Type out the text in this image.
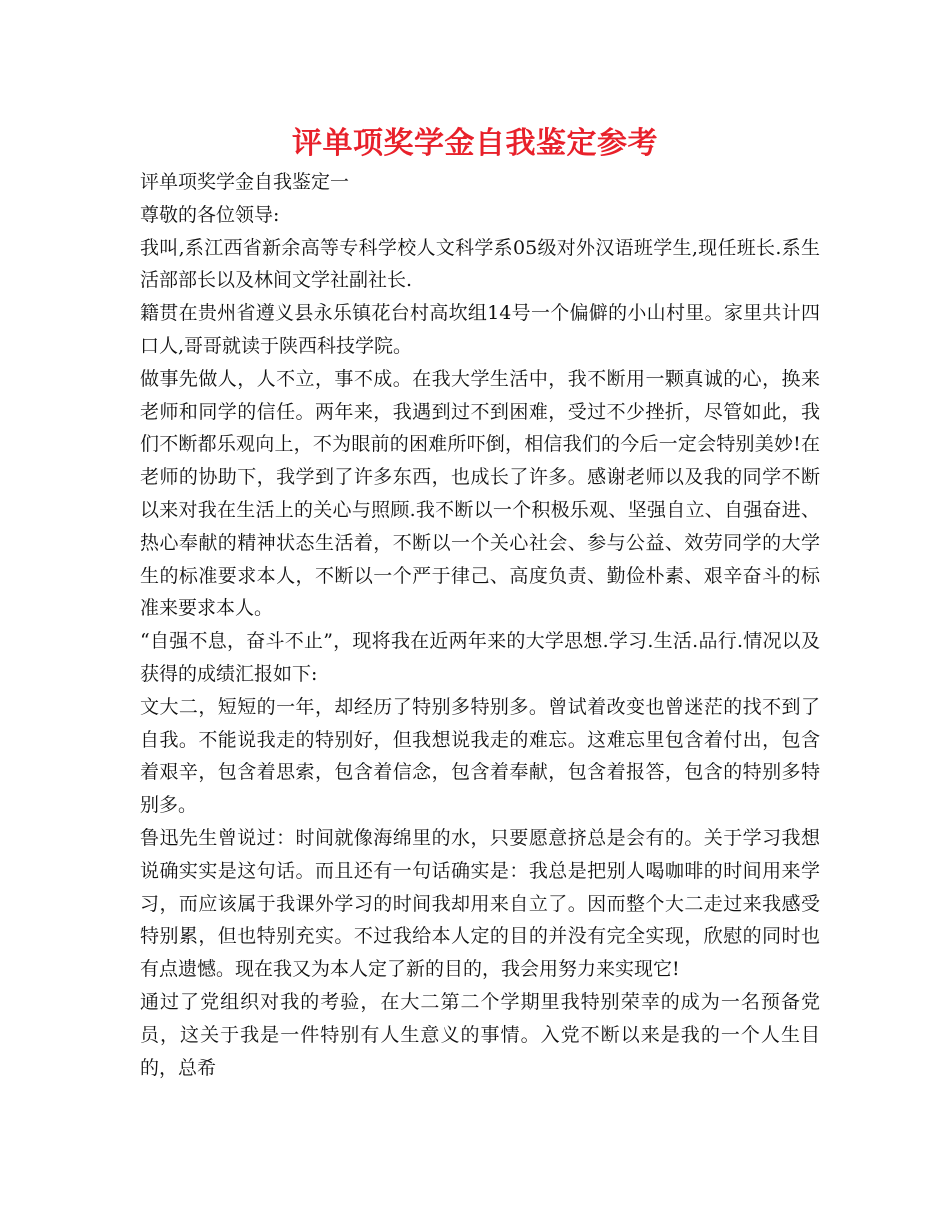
评单项奖学金自我鉴定参考

评单项奖学金自我鉴定一

尊敬的各位领导:

我叫,系江西省新余高等专科学校人文科学系05级对外汉语班学生,现任班长.系生活部部长以及林间文学社副社长.

籍贯在贵州省遵义县永乐镇花台村高坎组14号一个偏僻的小山村里。家里共计四口人,哥哥就读于陕西科技学院。

做事先做人，人不立，事不成。在我大学生活中，我不断用一颗真诚的心，换来老师和同学的信任。两年来，我遇到过不到困难，受过不少挫折，尽管如此，我们不断都乐观向上，不为眼前的困难所吓倒，相信我们的今后一定会特别美妙!在老师的协助下，我学到了许多东西，也成长了许多。感谢老师以及我的同学不断以来对我在生活上的关心与照顾.我不断以一个积极乐观、坚强自立、自强奋进、热心奉献的精神状态生活着，不断以一个关心社会、参与公益、效劳同学的大学生的标准要求本人，不断以一个严于律己、高度负责、勤俭朴素、艰辛奋斗的标准来要求本人。

“自强不息，奋斗不止”，现将我在近两年来的大学思想.学习.生活.品行.情况以及获得的成绩汇报如下:

文大二，短短的一年，却经历了特别多特别多。曾试着改变也曾迷茫的找不到了自我。不能说我走的特别好，但我想说我走的难忘。这难忘里包含着付出，包含着艰辛，包含着思索，包含着信念，包含着奉献，包含着报答，包含的特别多特别多。

鲁迅先生曾说过：时间就像海绵里的水，只要愿意挤总是会有的。关于学习我想说确实实是这句话。而且还有一句话确实是：我总是把别人喝咖啡的时间用来学习，而应该属于我课外学习的时间我却用来自立了。因而整个大二走过来我感受特别累，但也特别充实。不过我给本人定的目的并没有完全实现，欣慰的同时也有点遗憾。现在我又为本人定了新的目的，我会用努力来实现它!

通过了党组织对我的考验，在大二第二个学期里我特别荣幸的成为一名预备党员，这关于我是一件特别有人生意义的事情。入党不断以来是我的一个人生目的，总希
